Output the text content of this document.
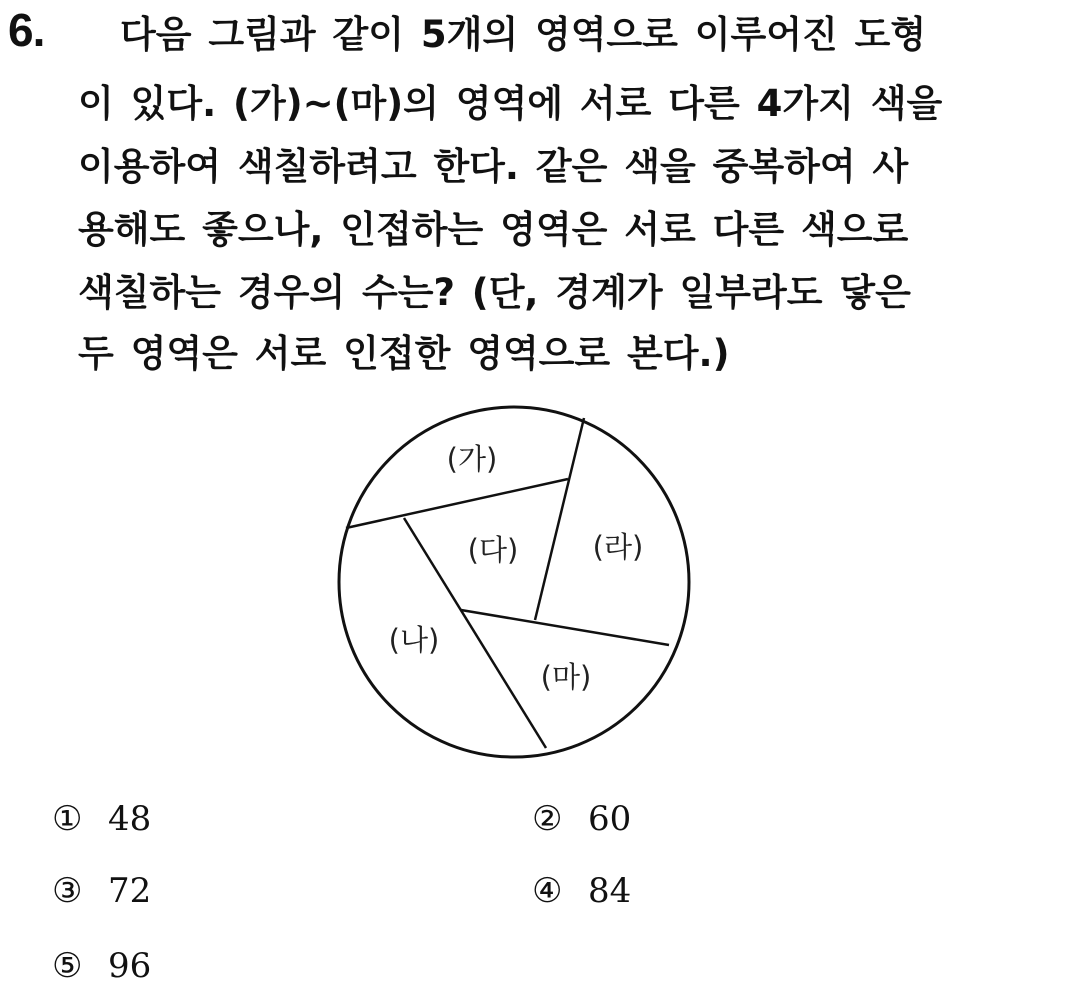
6. 다음 그림과 같이 5개의 영역으로 이루어진 도형
이 있다. (가)~(마)의 영역에 서로 다른 4가지 색을
이용하여 색칠하려고 한다. 같은 색을 중복하여 사
용해도 좋으나, 인접하는 영역은 서로 다른 색으로
색칠하는 경우의 수는? (단, 경계가 일부라도 닿은
두 영역은 서로 인접한 영역으로 본다.)
(가)
(다)	(라)
(나)
(마)
① 48	② 60
③ 72	④ 84
⑤ 96
